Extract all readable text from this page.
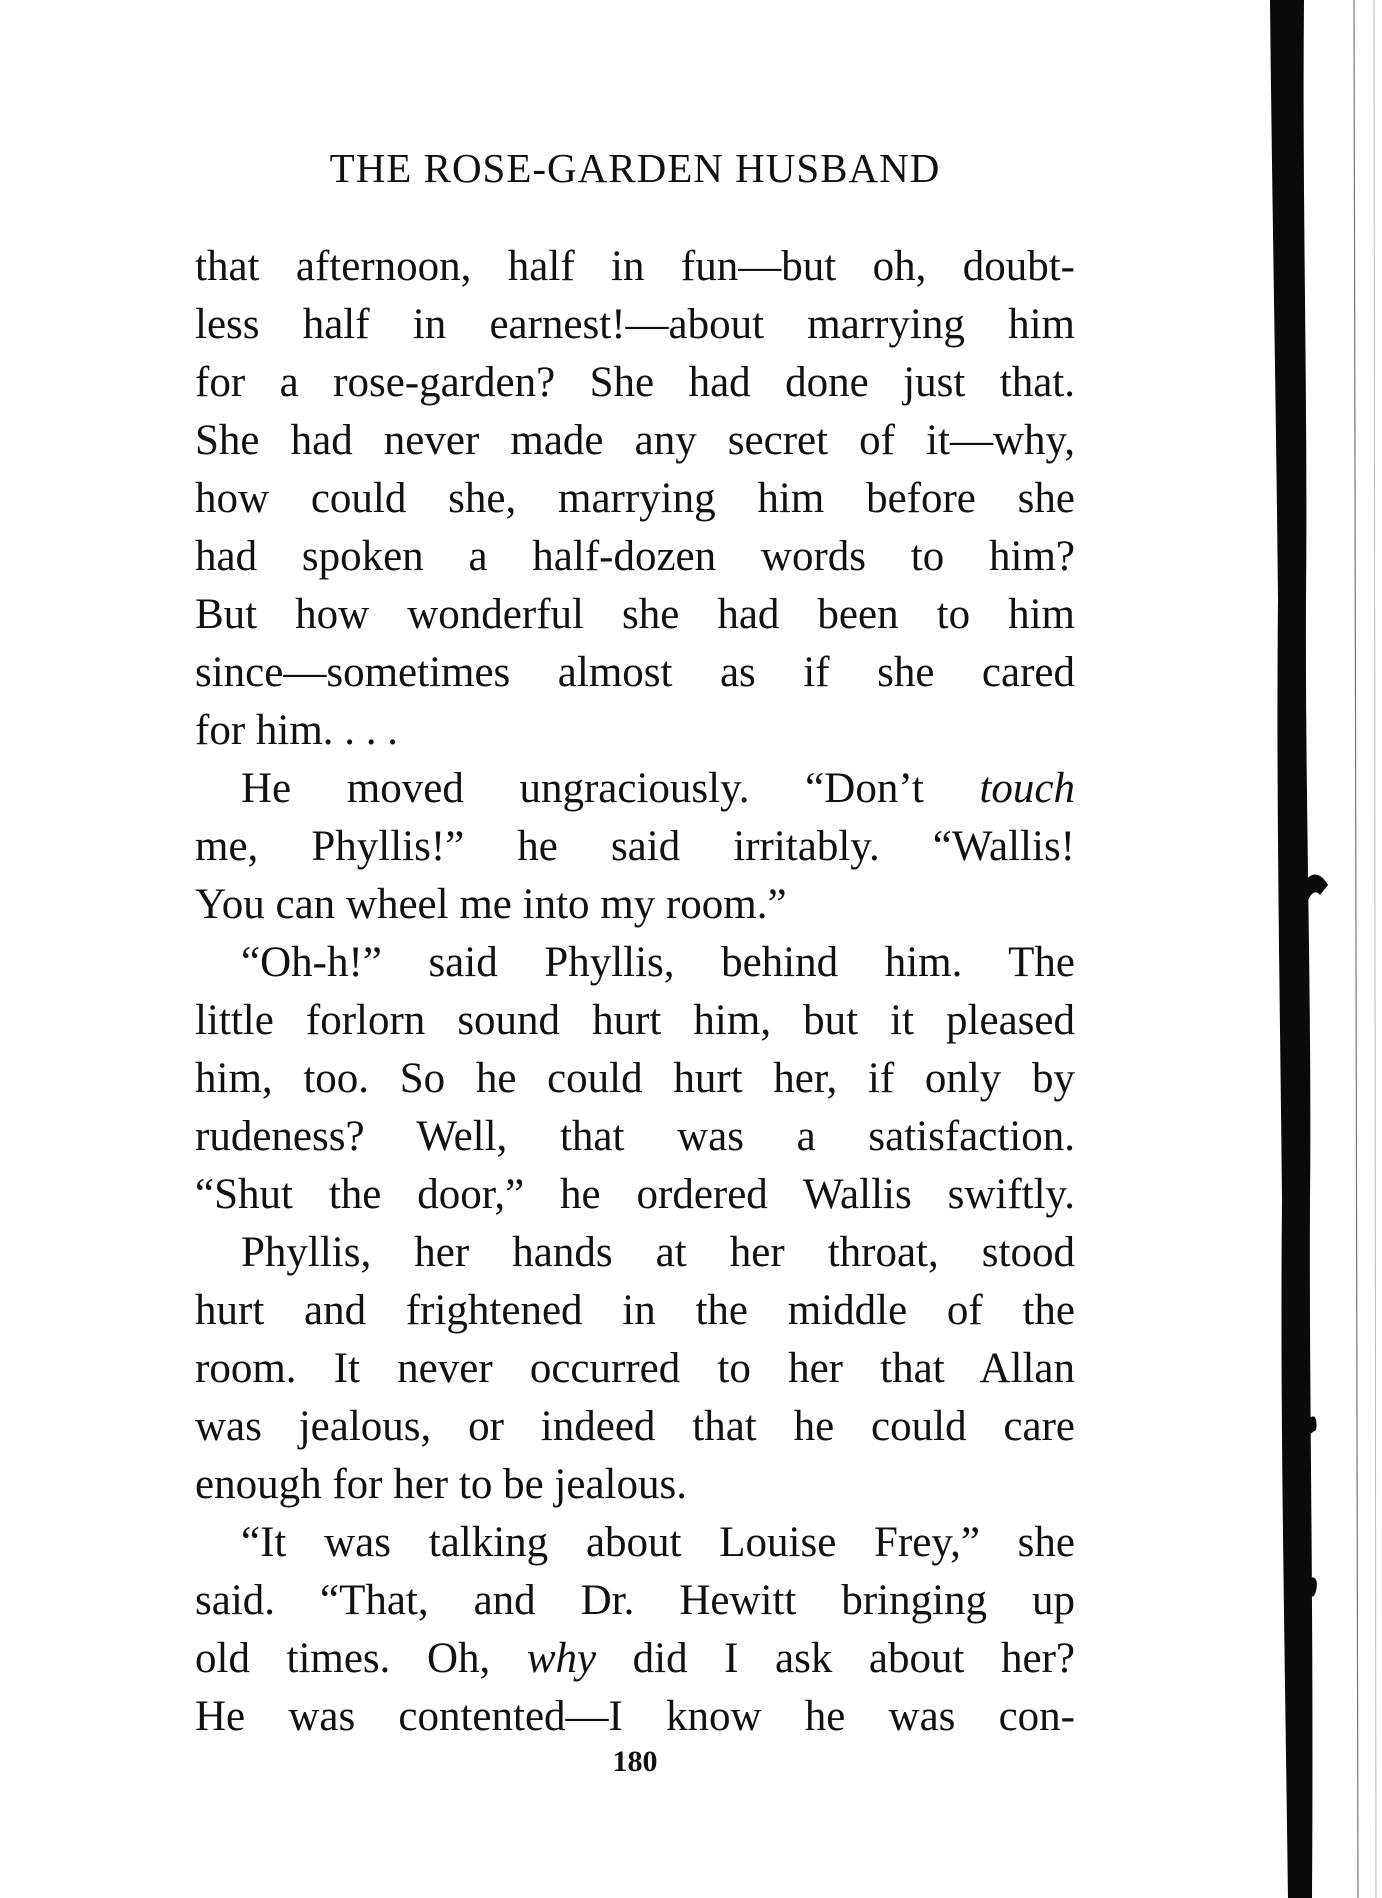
THE ROSE-GARDEN HUSBAND
that afternoon, half in fun—but oh, doubt-
less half in earnest!—about marrying him
for a rose-garden? She had done just that.
She had never made any secret of it—why,
how could she, marrying him before she
had spoken a half-dozen words to him?
But how wonderful she had been to him
since—sometimes almost as if she cared
for him. . . .
He moved ungraciously. “Don’t touch
me, Phyllis!” he said irritably. “Wallis!
You can wheel me into my room.”
“Oh-h!” said Phyllis, behind him. The
little forlorn sound hurt him, but it pleased
him, too. So he could hurt her, if only by
rudeness? Well, that was a satisfaction.
“Shut the door,” he ordered Wallis swiftly.
Phyllis, her hands at her throat, stood
hurt and frightened in the middle of the
room. It never occurred to her that Allan
was jealous, or indeed that he could care
enough for her to be jealous.
“It was talking about Louise Frey,” she
said. “That, and Dr. Hewitt bringing up
old times. Oh, why did I ask about her?
He was contented—I know he was con-
180
